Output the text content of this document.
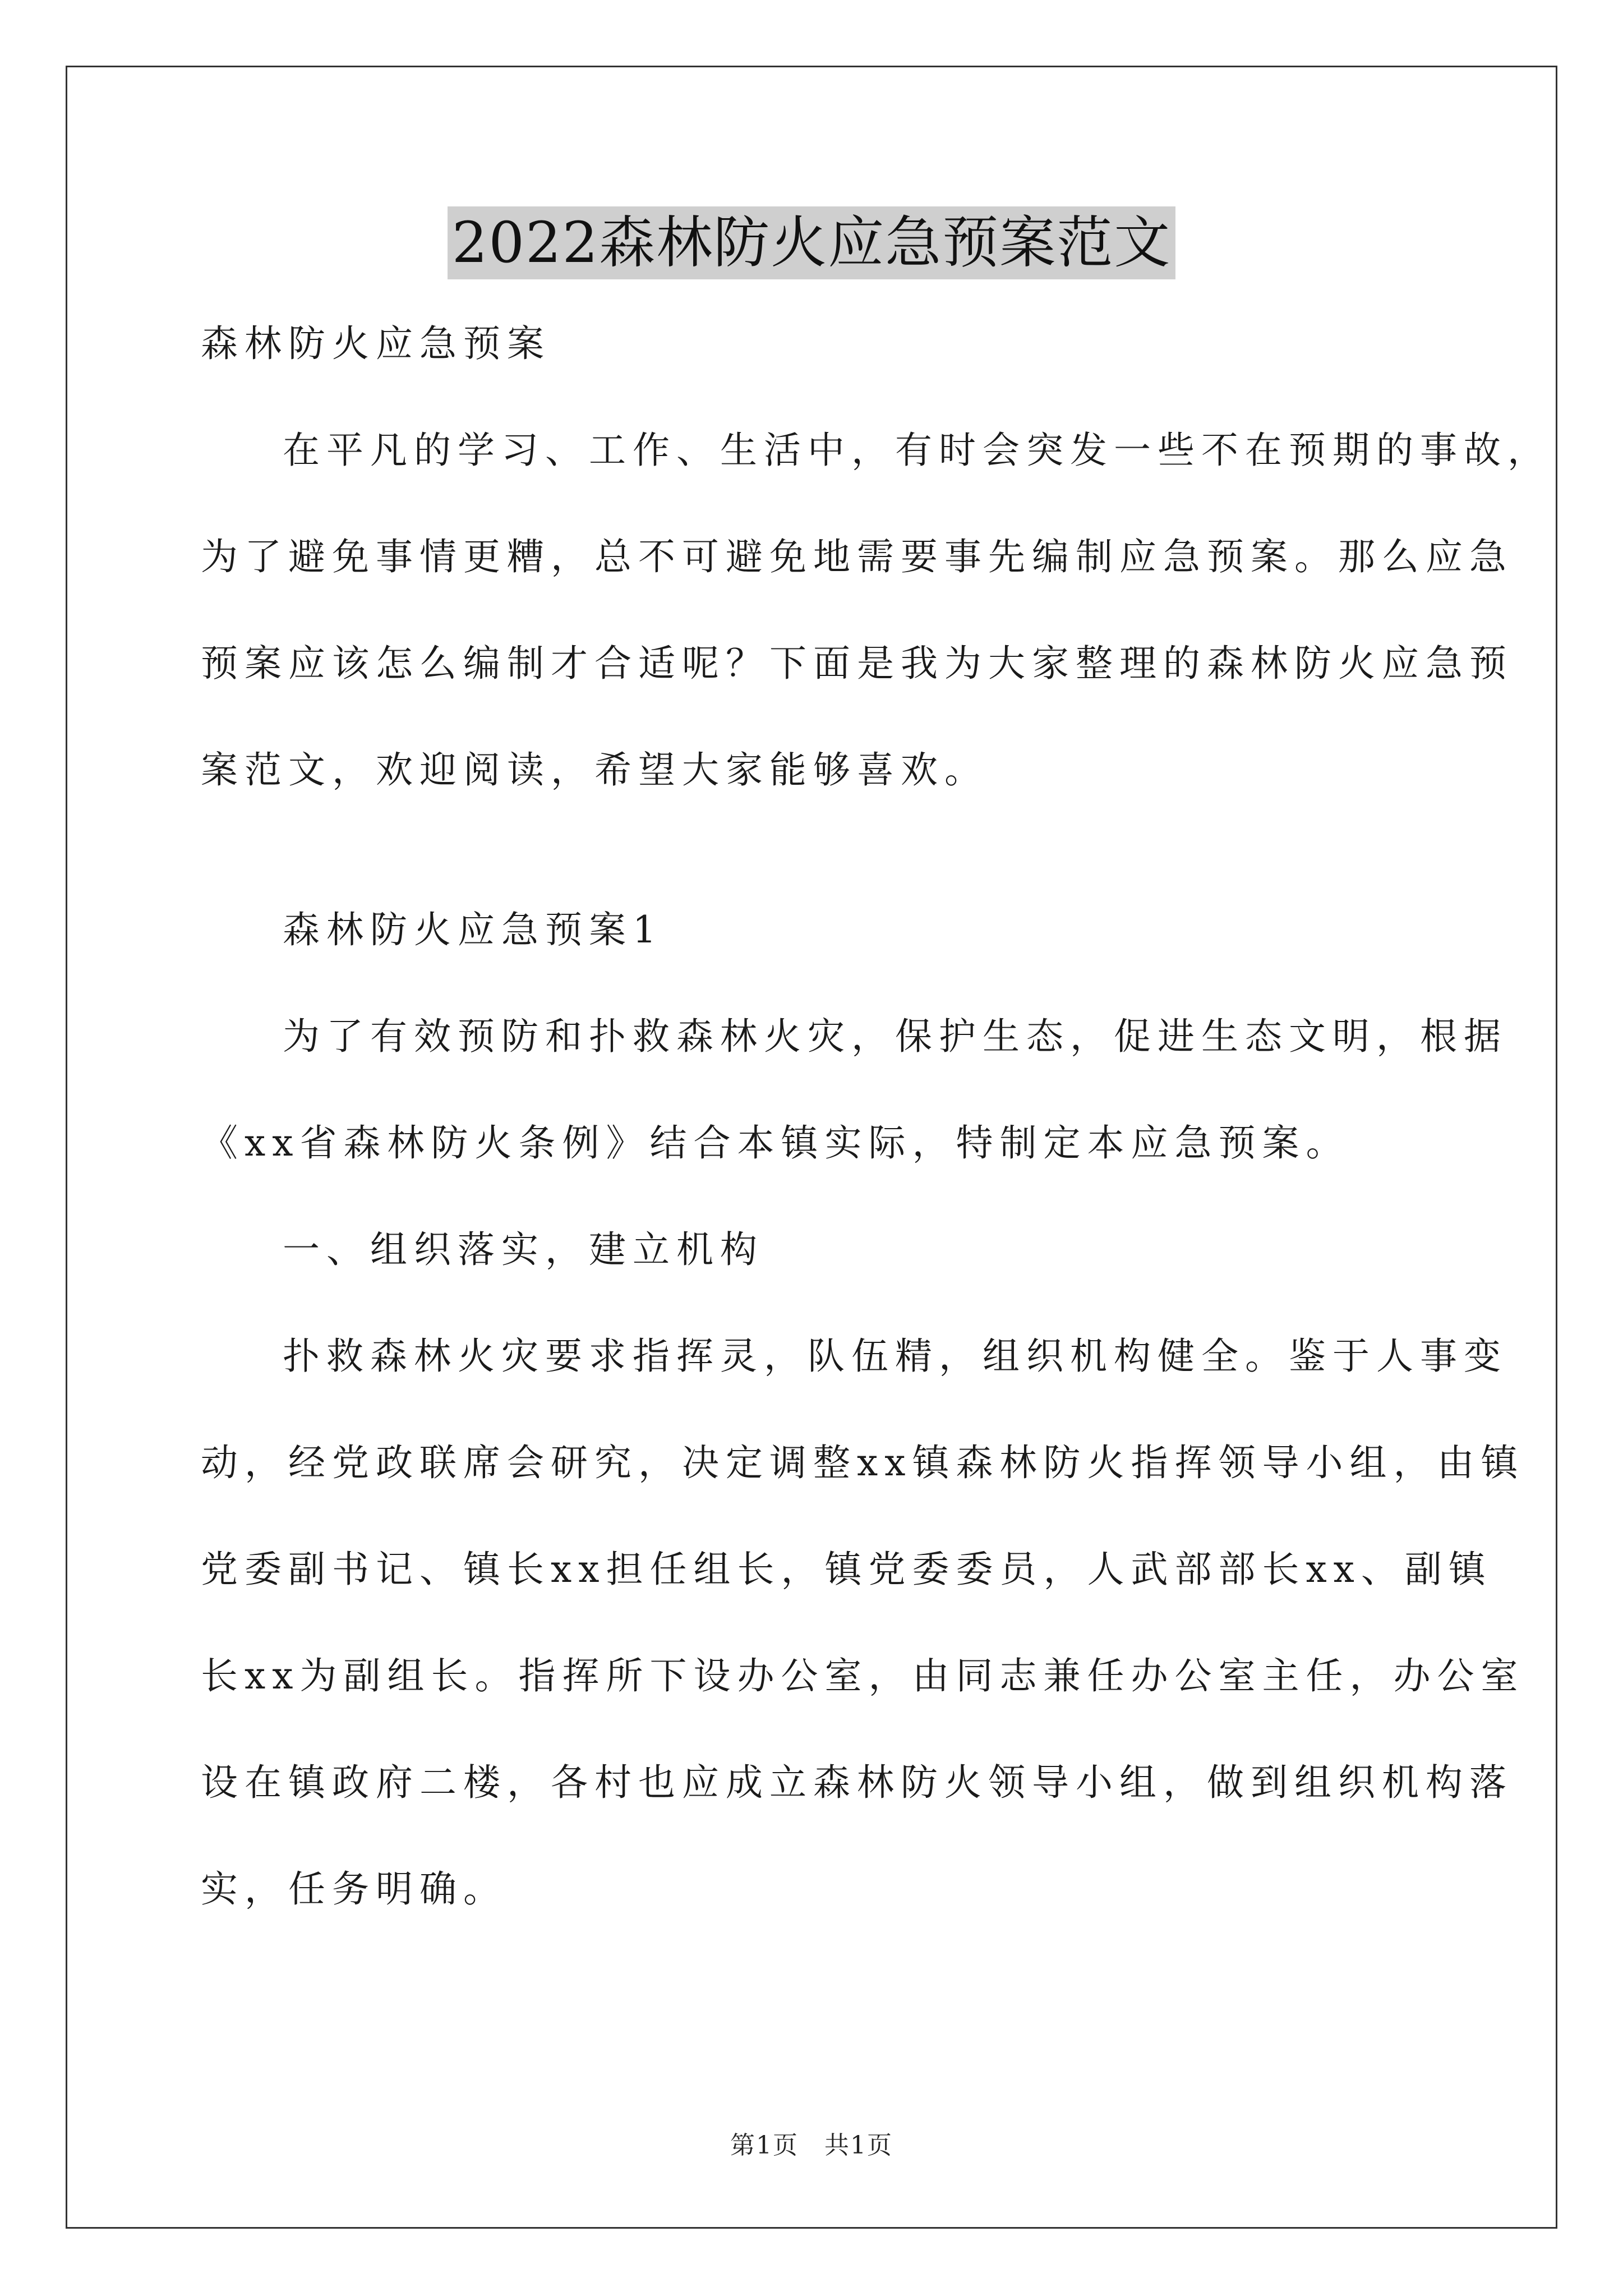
2022森林防火应急预案范文

森林防火应急预案

在平凡的学习、工作、生活中，有时会突发一些不在预期的事故，

为了避免事情更糟，总不可避免地需要事先编制应急预案。那么应急

预案应该怎么编制才合适呢？下面是我为大家整理的森林防火应急预

案范文，欢迎阅读，希望大家能够喜欢。

森林防火应急预案1

为了有效预防和扑救森林火灾，保护生态，促进生态文明，根据

《xx省森林防火条例》结合本镇实际，特制定本应急预案。

一、组织落实，建立机构

扑救森林火灾要求指挥灵，队伍精，组织机构健全。鉴于人事变

动，经党政联席会研究，决定调整xx镇森林防火指挥领导小组，由镇

党委副书记、镇长xx担任组长，镇党委委员，人武部部长xx、副镇

长xx为副组长。指挥所下设办公室，由同志兼任办公室主任，办公室

设在镇政府二楼，各村也应成立森林防火领导小组，做到组织机构落

实，任务明确。

第1页　共1页
